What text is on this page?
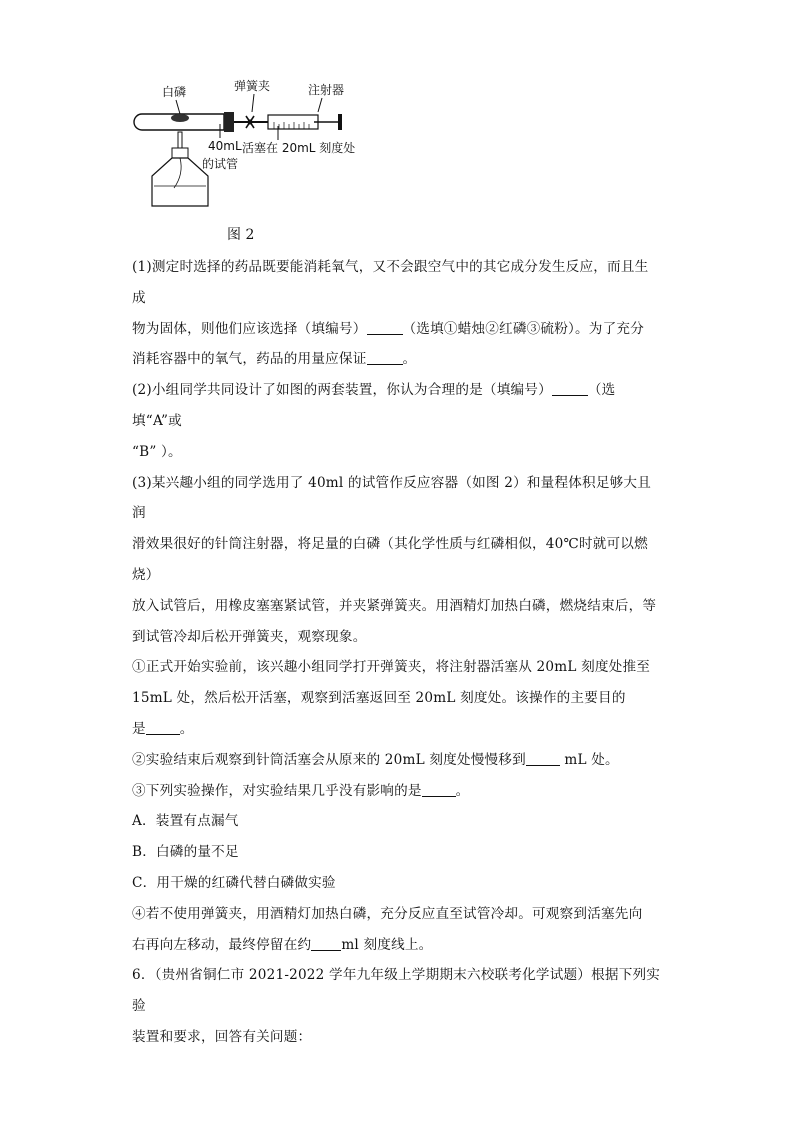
白磷	弹簧夹	注射器
40mL
的试管
活塞在 20mL 刻度处
图 2

(1)测定时选择的药品既要能消耗氧气，又不会跟空气中的其它成分发生反应，而且生成

物为固体，则他们应该选择（填编号）	（选填①蜡烛②红磷③硫粉）。为了充分

消耗容器中的氧气，药品的用量应保证	。

(2)小组同学共同设计了如图的两套装置，你认为合理的是（填编号）	（选填“A”或

“B” ）。

(3)某兴趣小组的同学选用了 40ml 的试管作反应容器（如图 2）和量程体积足够大且润

滑效果很好的针筒注射器，将足量的白磷（其化学性质与红磷相似，40℃时就可以燃烧）

放入试管后，用橡皮塞塞紧试管，并夹紧弹簧夹。用酒精灯加热白磷，燃烧结束后，等

到试管冷却后松开弹簧夹，观察现象。

①正式开始实验前，该兴趣小组同学打开弹簧夹，将注射器活塞从 20mL 刻度处推至

15mL 处，然后松开活塞，观察到活塞返回至 20mL 刻度处。该操作的主要目的

是	。

②实验结束后观察到针筒活塞会从原来的 20mL 刻度处慢慢移到	mL 处。

③下列实验操作，对实验结果几乎没有影响的是	。

A．装置有点漏气

B．白磷的量不足

C．用干燥的红磷代替白磷做实验

④若不使用弹簧夹，用酒精灯加热白磷，充分反应直至试管冷却。可观察到活塞先向

右再向左移动，最终停留在约 ml 刻度线上。

6．（贵州省铜仁市 2021-2022 学年九年级上学期期末六校联考化学试题）根据下列实验

装置和要求，回答有关问题：
